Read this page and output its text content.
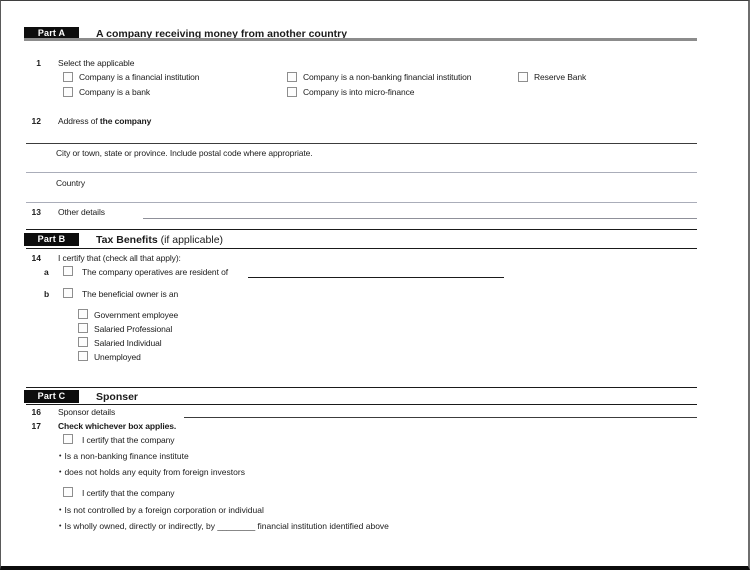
Part A	A company receiving money from another country
1 Select the applicable
Company is a financial institution	Company is a non-banking financial institution	Reserve Bank
Company is a bank	Company is into micro-finance
12 Address of the company
City or town, state or province. Include postal code where appropriate.
Country
13 Other details
Part B	Tax Benefits (if applicable)
14 I certify that (check all that apply):
a	The company operatives are resident of
b	The beneficial owner is an
Government employee
Salaried Professional
Salaried Individual
Unemployed
Part C	Sponser
16 Sponsor details
17 Check whichever box applies.
I certify that the company
• Is a non-banking finance institute
• does not holds any equity from foreign investors
I certify that the company
• Is not controlled by a foreign corporation or individual
• Is wholly owned, directly or indirectly, by ________ financial institution identified above
